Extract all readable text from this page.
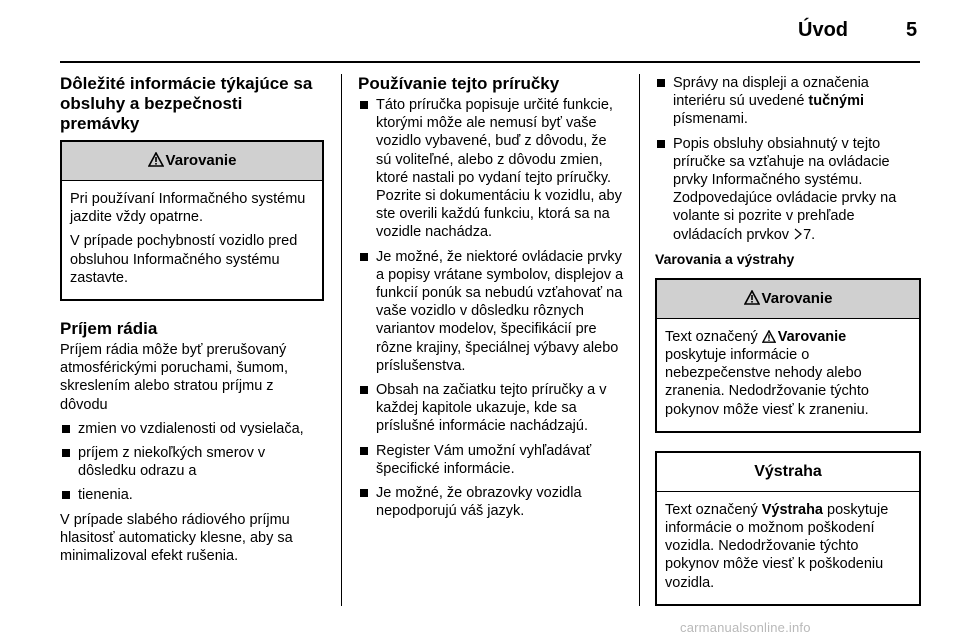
Úvod	5
Dôležité informácie týkajúce sa obsluhy a bezpečnosti premávky
Varovanie

Pri používaní Informačného systému jazdite vždy opatrne.

V prípade pochybností vozidlo pred obsluhou Informačného systému zastavte.

Príjem rádia

Príjem rádia môže byť prerušovaný atmosférickými poruchami, šumom, skreslením alebo stratou príjmu z dôvodu

zmien vo vzdialenosti od vysielača,
príjem z niekoľkých smerov v dôsledku odrazu a
tienenia.

V prípade slabého rádiového príjmu hlasitosť automaticky klesne, aby sa minimalizoval efekt rušenia.

Používanie tejto príručky
Táto príručka popisuje určité funkcie, ktorými môže ale nemusí byť vaše vozidlo vybavené, buď z dôvodu, že sú voliteľné, alebo z dôvodu zmien, ktoré nastali po vydaní tejto príručky. Pozrite si dokumentáciu k vozidlu, aby ste overili každú funkciu, ktorá sa na vozidle nachádza.
Je možné, že niektoré ovládacie prvky a popisy vrátane symbolov, displejov a funkcií ponúk sa nebudú vzťahovať na vaše vozidlo v dôsledku rôznych variantov modelov, špecifikácií pre rôzne krajiny, špeciálnej výbavy alebo príslušenstva.
Obsah na začiatku tejto príručky a v každej kapitole ukazuje, kde sa príslušné informácie nachádzajú.
Register Vám umožní vyhľadávať špecifické informácie.
Je možné, že obrazovky vozidla nepodporujú váš jazyk.
Správy na displeji a označenia interiéru sú uvedené tučnými písmenami.
Popis obsluhy obsiahnutý v tejto príručke sa vzťahuje na ovládacie prvky Informačného systému. Zodpovedajúce ovládacie prvky na volante si pozrite v prehľade ovládacích prvkov 7.
Varovania a výstrahy
Varovanie

Text označený Varovanie poskytuje informácie o nebezpečenstve nehody alebo zranenia. Nedodržovanie týchto pokynov môže viesť k zraneniu.

Výstraha

Text označený Výstraha poskytuje informácie o možnom poškodení vozidla. Nedodržovanie týchto pokynov môže viesť k poškodeniu vozidla.

carmanualsonline.info
